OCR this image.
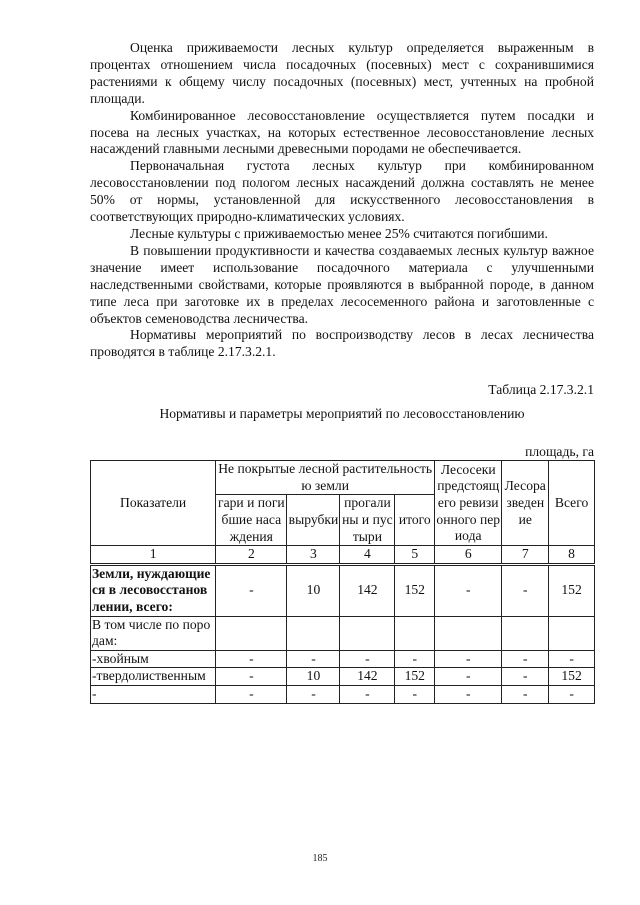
Оценка приживаемости лесных культур определяется выраженным в процентах отношением числа посадочных (посевных) мест с сохранившимися растениями к общему числу посадочных (посевных) мест, учтенных на пробной площади.

Комбинированное лесовосстановление осуществляется путем посадки и посева на лесных участках, на которых естественное лесовосстановление лесных насаждений главными лесными древесными породами не обеспечивается.

Первоначальная густота лесных культур при комбинированном лесовосстановлении под пологом лесных насаждений должна составлять не менее 50% от нормы, установленной для искусственного лесовосстановления в соответствующих природно-климатических условиях.

Лесные культуры с приживаемостью менее 25% считаются погибшими.

В повышении продуктивности и качества создаваемых лесных культур важное значение имеет использование посадочного материала с улучшенными наследственными свойствами, которые проявляются в выбранной породе, в данном типе леса при заготовке их в пределах лесосеменного района и заготовленные с объектов семеноводства лесничества.

Нормативы мероприятий по воспроизводству лесов в лесах лесничества проводятся в таблице 2.17.3.2.1.

Таблица 2.17.3.2.1
Нормативы и параметры мероприятий по лесовосстановлению
площадь, га
Показатели	Не покрытые лесной растительностью земли				Лесосеки предстоящего ревизионного периода	Лесоразведение	Всего
	гари и погибшие насаждения	вырубки	прогалины и пустыри	итого			
1	2	3	4	5	6	7	8
Земли, нуждающиеся в лесовосстановлении, всего:	-	10	142	152	-	-	152
В том числе по породам:							
-хвойным	-	-	-	-	-	-	-
-твердолиственным	-	10	142	152	-	-	152
-	-	-	-	-	-	-	-
185
